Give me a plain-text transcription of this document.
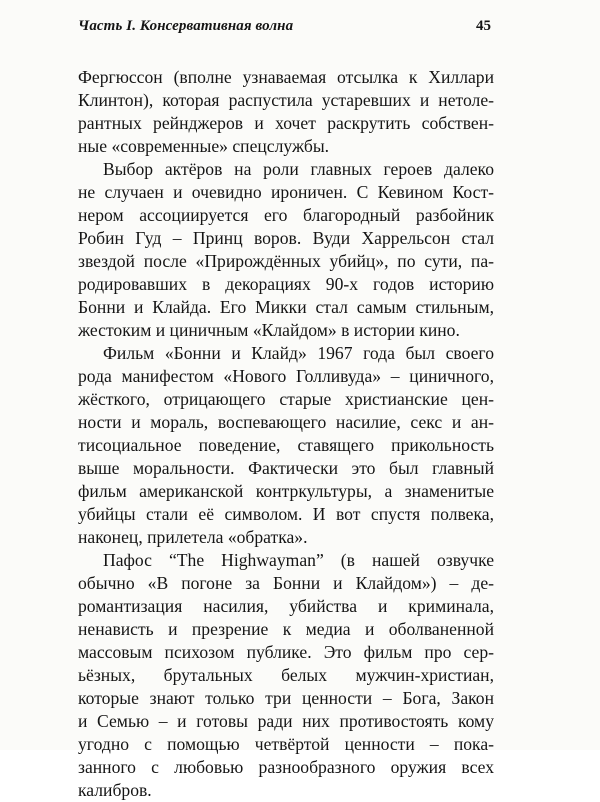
Часть I. Консервативная волна	45
Фергюссон (вполне узнаваемая отсылка к Хиллари
Клинтон), которая распустила устаревших и нетоле-
рантных рейнджеров и хочет раскрутить собствен-
ные «современные» спецслужбы.
Выбор актёров на роли главных героев далеко
не случаен и очевидно ироничен. С Кевином Кост-
нером ассоциируется его благородный разбойник
Робин Гуд – Принц воров. Вуди Харрельсон стал
звездой после «Прирождённых убийц», по сути, па-
родировавших в декорациях 90-х годов историю
Бонни и Клайда. Его Микки стал самым стильным,
жестоким и циничным «Клайдом» в истории кино.
Фильм «Бонни и Клайд» 1967 года был своего
рода манифестом «Нового Голливуда» – циничного,
жёсткого, отрицающего старые христианские цен-
ности и мораль, воспевающего насилие, секс и ан-
тисоциальное поведение, ставящего прикольность
выше моральности. Фактически это был главный
фильм американской контркультуры, а знаменитые
убийцы стали её символом. И вот спустя полвека,
наконец, прилетела «обратка».
Пафос “The Highwayman” (в нашей озвучке
обычно «В погоне за Бонни и Клайдом») – де-
романтизация насилия, убийства и криминала,
ненависть и презрение к медиа и оболваненной
массовым психозом публике. Это фильм про сер-
ьёзных, брутальных белых мужчин-христиан,
которые знают только три ценности – Бога, Закон
и Семью – и готовы ради них противостоять кому
угодно с помощью четвёртой ценности – пока-
занного с любовью разнообразного оружия всех
калибров.
